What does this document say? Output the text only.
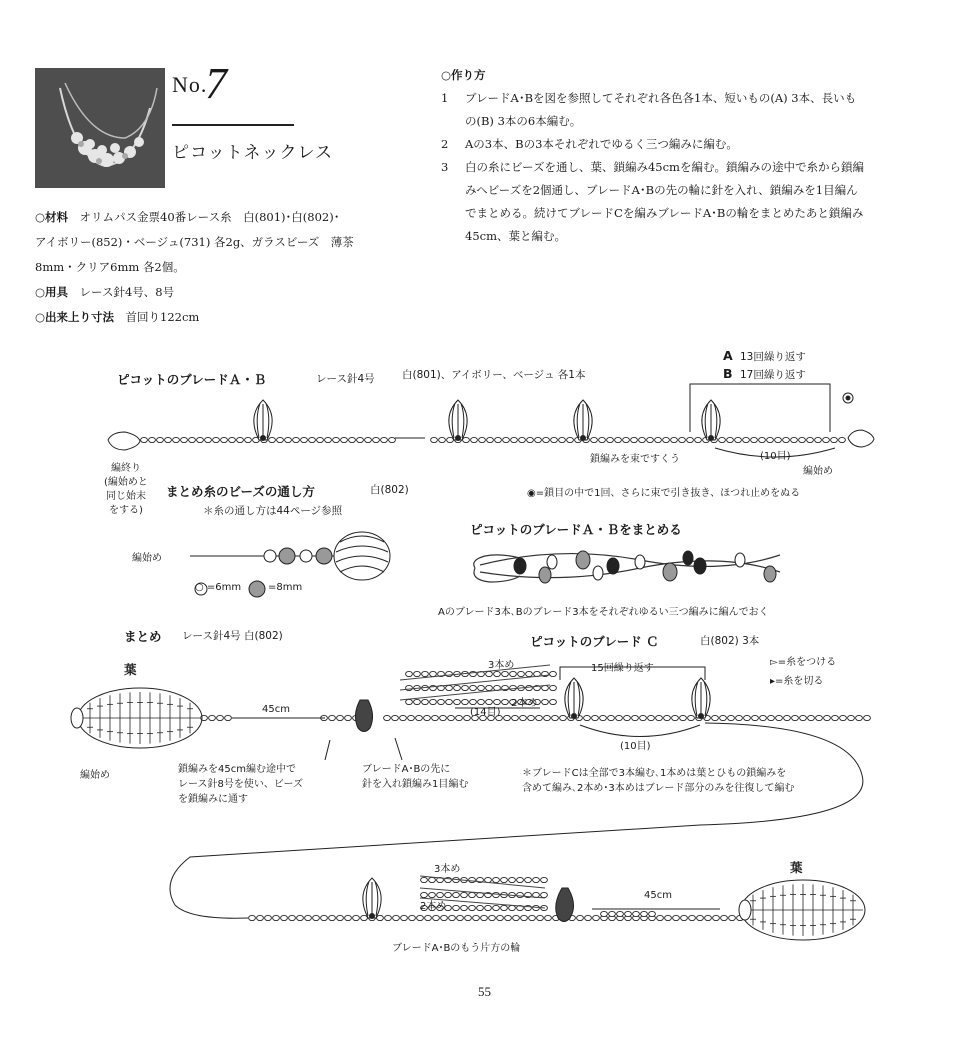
No.
7
ピコットネックレス
○材料　 オリムパス金票40番レース糸　白(801)･白(802)･
アイボリー(852)・ベージュ(731) 各2g、ガラスビーズ　薄茶
8mm・クリア6mm 各2個。
○用具　 レース針4号、8号
○出来上り寸法　 首回り122cm
○作り方
1 ブレードA･Bを図を参照してそれぞれ各色各1本、短いもの(A) 3本、長いも
の(B) 3本の6本編む。
2 Aの3本、Bの3本それぞれでゆるく三つ編みに編む。
3 白の糸にビーズを通し、葉、鎖編み45cmを編む。鎖編みの途中で糸から鎖編
みへビーズを2個通し、ブレードA･Bの先の輪に針を入れ、鎖編みを1目編ん
でまとめる。続けてブレードCを編みブレードA･Bの輪をまとめたあと鎖編み
45cm、葉と編む。
ピコットのブレードＡ・Ｂ	レース針4号	白(801)、アイボリー、ベージュ 各1本
A 13回繰り返す
B 17回繰り返す
編終り
(編始めと
同じ始末
をする)
鎖編みを束ですくう	(10目)
編始め
◉=鎖目の中で1回、さらに束で引き抜き、ほつれ止めをぬる
まとめ糸のビーズの通し方	白(802)
＊糸の通し方は44ページ参照
編始め
○ =6mm	=8mm
ピコットのブレードＡ・Ｂをまとめる
Aのブレード3本､Bのブレード3本をそれぞれゆるい三つ編みに編んでおく
まとめ レース針4号 白(802)
葉
45cm
編始め
鎖編みを45cm編む途中で
レース針8号を使い、ビーズ
を鎖編みに通す
ブレードA･Bの先に
針を入れ鎖編み1目編む
ピコットのブレード Ｃ	白(802) 3本
3本め
2本め
(14目)
15回繰り返す
(10目)
▻=糸をつける
▸=糸を切る
＊ブレードCは全部で3本編む､1本めは葉とひもの鎖編みを
含めて編み､2本め･3本めはブレード部分のみを往復して編む
3本め
2本め
45cm
葉
ブレードA･Bのもう片方の輪
55
